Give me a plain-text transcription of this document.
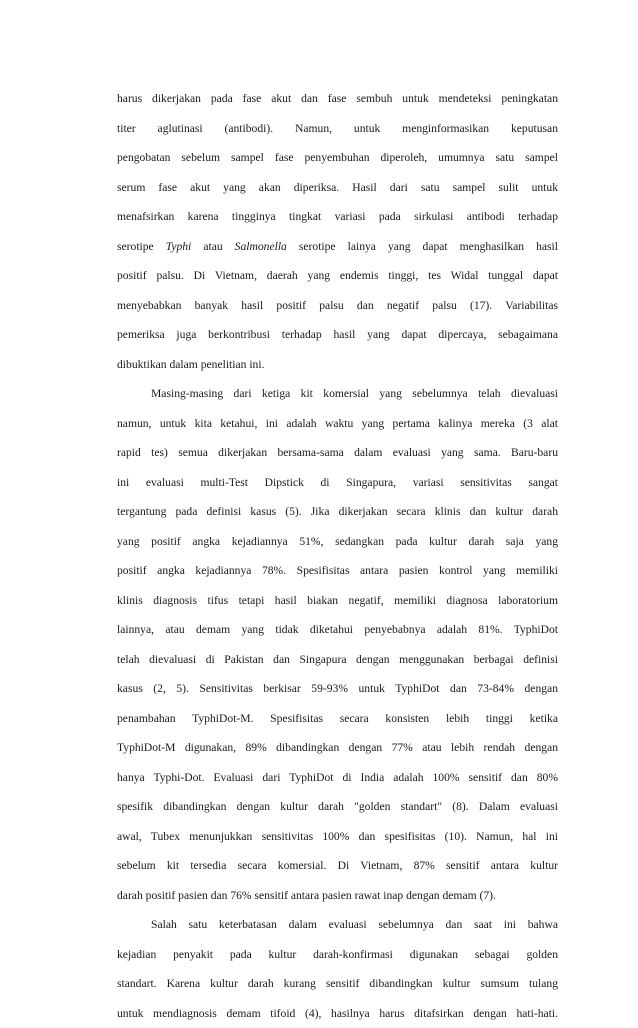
harus dikerjakan pada fase akut dan fase sembuh untuk mendeteksi peningkatan
titer aglutinasi (antibodi). Namun, untuk menginformasikan keputusan
pengobatan sebelum sampel fase penyembuhan diperoleh, umumnya satu sampel
serum fase akut yang akan diperiksa. Hasil dari satu sampel sulit untuk
menafsirkan karena tingginya tingkat variasi pada sirkulasi antibodi terhadap
serotipe Typhi atau Salmonella serotipe lainya yang dapat menghasilkan hasil
positif palsu. Di Vietnam, daerah yang endemis tinggi, tes Widal tunggal dapat
menyebabkan banyak hasil positif palsu dan negatif palsu (17). Variabilitas
pemeriksa juga berkontribusi terhadap hasil yang dapat dipercaya, sebagaimana
dibuktikan dalam penelitian ini.
Masing-masing dari ketiga kit komersial yang sebelumnya telah dievaluasi
namun, untuk kita ketahui, ini adalah waktu yang pertama kalinya mereka (3 alat
rapid tes) semua dikerjakan bersama-sama dalam evaluasi yang sama. Baru-baru
ini evaluasi multi-Test Dipstick di Singapura, variasi sensitivitas sangat
tergantung pada definisi kasus (5). Jika dikerjakan secara klinis dan kultur darah
yang positif angka kejadiannya 51%, sedangkan pada kultur darah saja yang
positif angka kejadiannya 78%. Spesifisitas antara pasien kontrol yang memiliki
klinis diagnosis tifus tetapi hasil biakan negatif, memiliki diagnosa laboratorium
lainnya, atau demam yang tidak diketahui penyebabnya adalah 81%. TyphiDot
telah dievaluasi di Pakistan dan Singapura dengan menggunakan berbagai definisi
kasus (2, 5). Sensitivitas berkisar 59-93% untuk TyphiDot dan 73-84% dengan
penambahan TyphiDot-M. Spesifisitas secara konsisten lebih tinggi ketika
TyphiDot-M digunakan, 89% dibandingkan dengan 77% atau lebih rendah dengan
hanya Typhi-Dot. Evaluasi dari TyphiDot di India adalah 100% sensitif dan 80%
spesifik dibandingkan dengan kultur darah "golden standart" (8). Dalam evaluasi
awal, Tubex menunjukkan sensitivitas 100% dan spesifisitas (10). Namun, hal ini
sebelum kit tersedia secara komersial. Di Vietnam, 87% sensitif antara kultur
darah positif pasien dan 76% sensitif antara pasien rawat inap dengan demam (7).
Salah satu keterbatasan dalam evaluasi sebelumnya dan saat ini bahwa
kejadian penyakit pada kultur darah-konfirmasi digunakan sebagai golden
standart. Karena kultur darah kurang sensitif dibandingkan kultur sumsum tulang
untuk mendiagnosis demam tifoid (4), hasilnya harus ditafsirkan dengan hati-hati.
